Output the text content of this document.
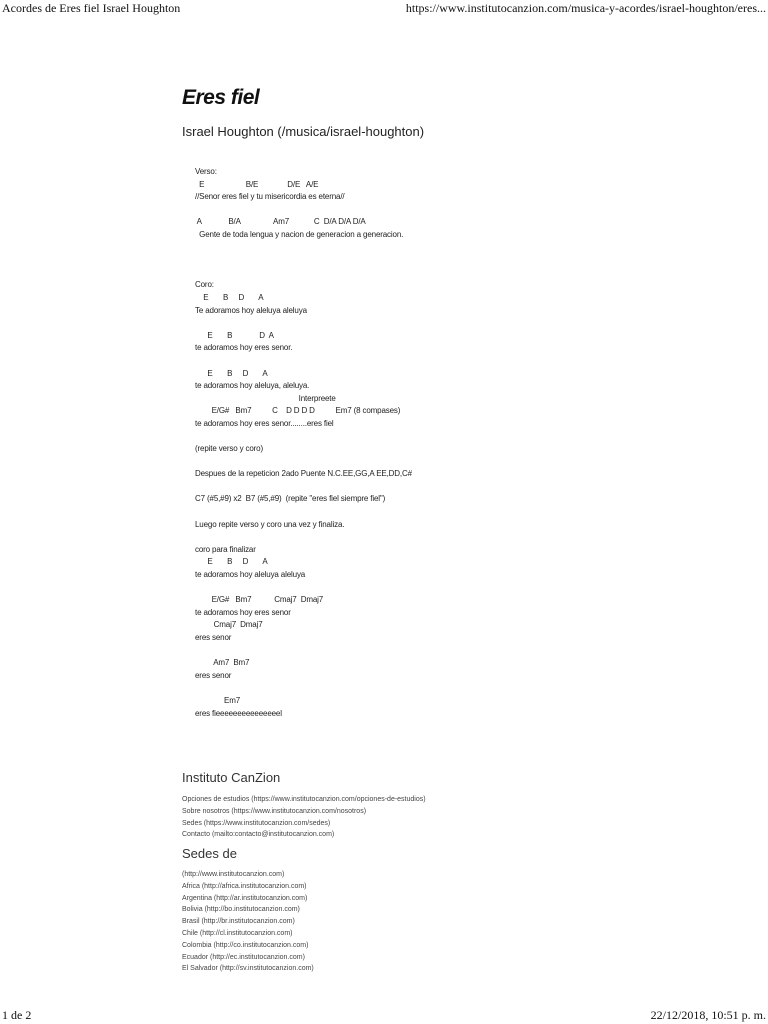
Acordes de Eres fiel Israel Houghton	https://www.institutocanzion.com/musica-y-acordes/israel-houghton/eres...
Eres fiel
Israel Houghton (/musica/israel-houghton)
Verso:
E                    B/E              D/E   A/E
//Senor eres fiel y tu misericordia es eterna//

A             B/A                Am7            C  D/A D/A D/A
Gente de toda lengua y nacion de generacion a generacion.

Coro:
E       B     D       A
Te adoramos hoy aleluya aleluya

E       B             D  A
te adoramos hoy eres senor.

E       B     D       A
te adoramos hoy aleluya, aleluya.
Interpreete
E/G#   Bm7          C    D D D D          Em7 (8 compases)
te adoramos hoy eres senor........eres fiel

(repite verso y coro)

Despues de la repeticion 2ado Puente N.C.EE,GG,A EE,DD,C#

C7 (#5,#9) x2  B7 (#5,#9)  (repite "eres fiel siempre fiel")

Luego repite verso y coro una vez y finaliza.

coro para finalizar
E       B     D       A
te adoramos hoy aleluya aleluya

E/G#   Bm7           Cmaj7  Dmaj7
te adoramos hoy eres senor
Cmaj7  Dmaj7
eres senor

Am7  Bm7
eres senor

Em7
eres fieeeeeeeeeeeeeeel

Instituto CanZion
Opciones de estudios (https://www.institutocanzion.com/opciones-de-estudios)
Sobre nosotros (https://www.institutocanzion.com/nosotros)
Sedes (https://www.institutocanzion.com/sedes)
Contacto (mailto:contacto@institutocanzion.com)
Sedes de
(http://www.institutocanzion.com)
Africa (http://africa.institutocanzion.com)
Argentina (http://ar.institutocanzion.com)
Bolivia (http://bo.institutocanzion.com)
Brasil (http://br.institutocanzion.com)
Chile (http://cl.institutocanzion.com)
Colombia (http://co.institutocanzion.com)
Ecuador (http://ec.institutocanzion.com)
El Salvador (http://sv.institutocanzion.com)
1 de 2	22/12/2018, 10:51 p. m.
